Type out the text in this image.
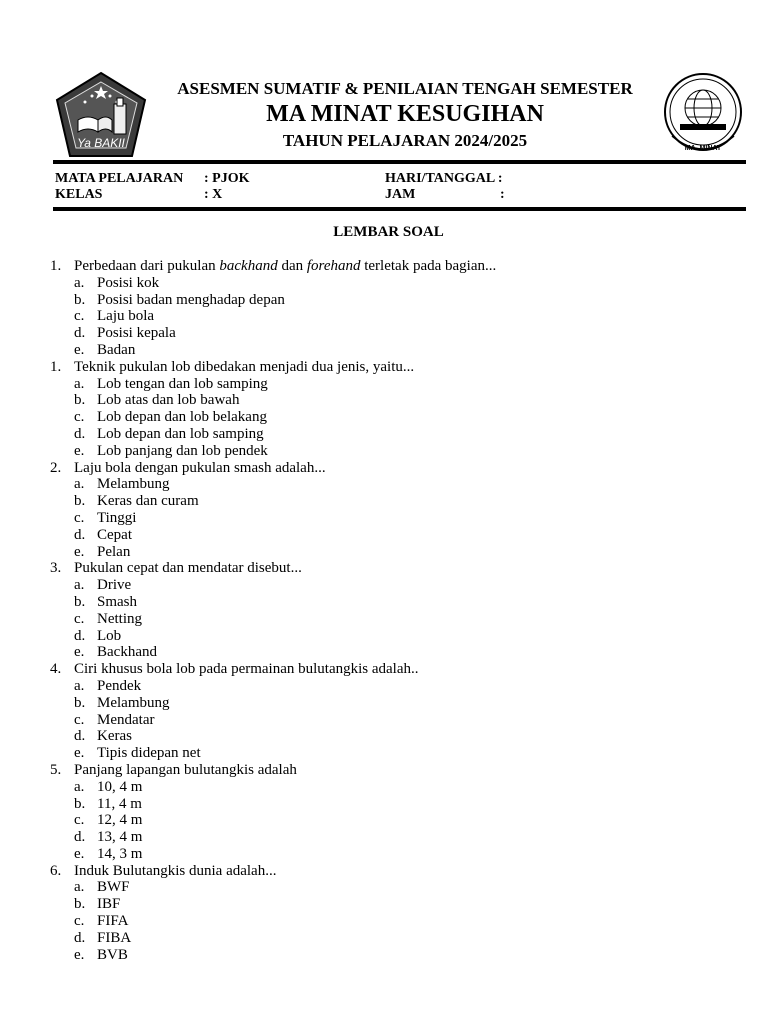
Ya BAKII	MA. MINAT
ASESMEN SUMATIF & PENILAIAN TENGAH SEMESTER
MA MINAT KESUGIHAN
TAHUN PELAJARAN 2024/2025
MATA PELAJARAN : PJOK	HARI/TANGGAL :
KELAS	: X	JAM	:
LEMBAR SOAL
1. Perbedaan dari pukulan backhand dan forehand terletak pada bagian...
a. Posisi kok
b. Posisi badan menghadap depan
c. Laju bola
d. Posisi kepala
e. Badan
1. Teknik pukulan lob dibedakan menjadi dua jenis, yaitu...
a. Lob tengan dan lob samping
b. Lob atas dan lob bawah
c. Lob depan dan lob belakang
d. Lob depan dan lob samping
e. Lob panjang dan lob pendek
2. Laju bola dengan pukulan smash adalah...
a. Melambung
b. Keras dan curam
c. Tinggi
d. Cepat
e. Pelan
3. Pukulan cepat dan mendatar disebut...
a. Drive
b. Smash
c. Netting
d. Lob
e. Backhand
4. Ciri khusus bola lob pada permainan bulutangkis adalah..
a. Pendek
b. Melambung
c. Mendatar
d. Keras
e. Tipis didepan net
5. Panjang lapangan bulutangkis adalah
a. 10, 4 m
b. 11, 4 m
c. 12, 4 m
d. 13, 4 m
e. 14, 3 m
6. Induk Bulutangkis dunia adalah...
a. BWF
b. IBF
c. FIFA
d. FIBA
e. BVB
